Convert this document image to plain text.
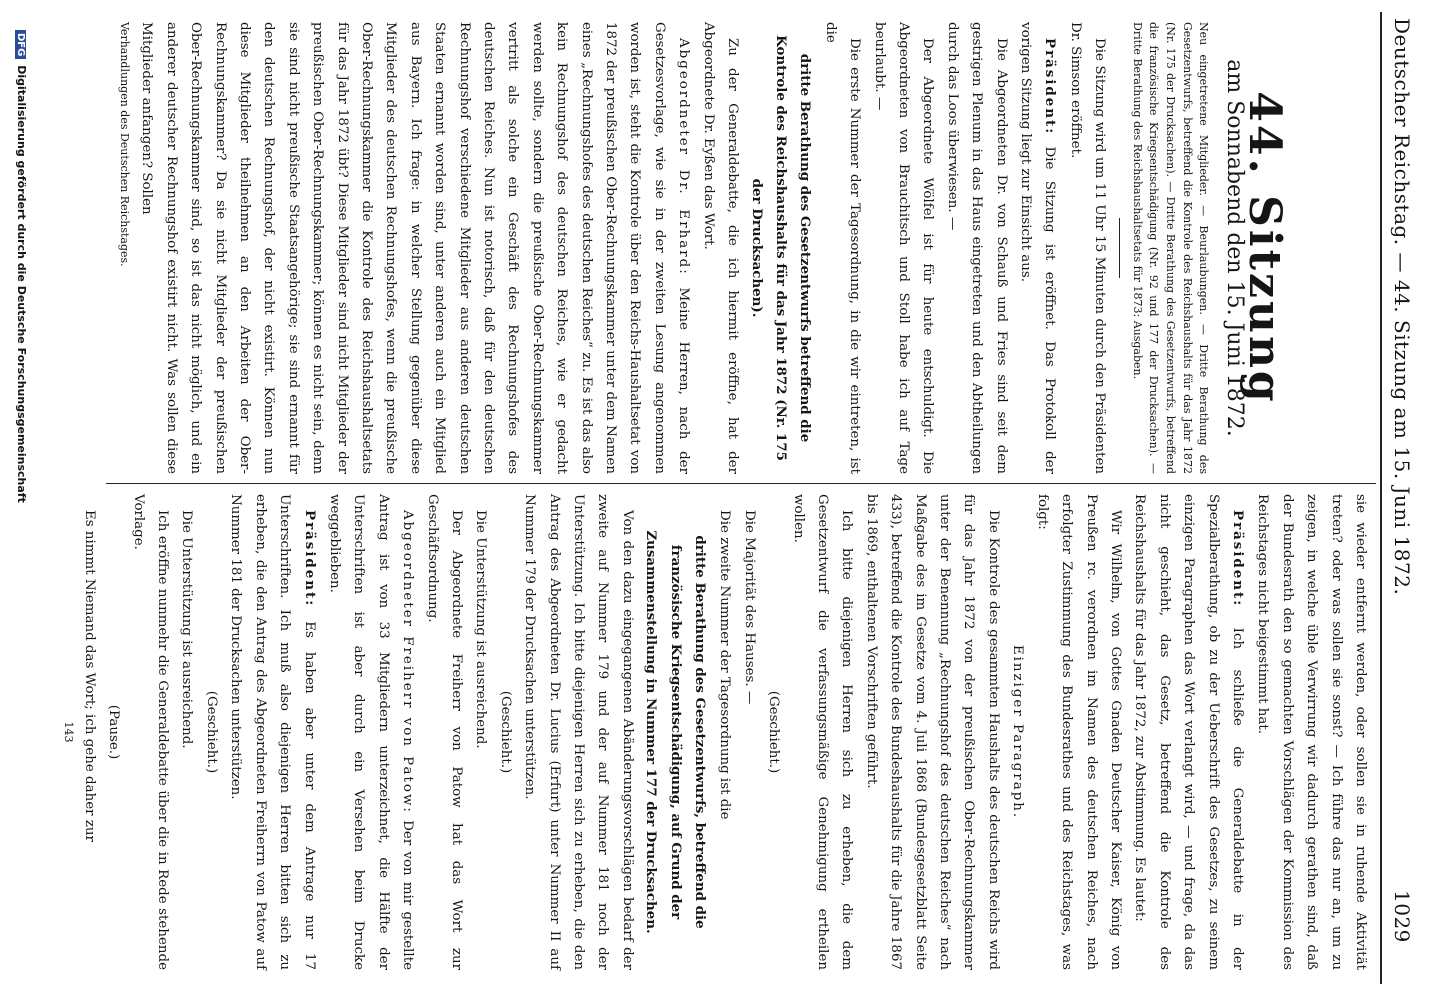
Deutscher Reichstag. — 44. Sitzung am 15. Juni 1872.
1029
44. Sitzung
am Sonnabend den 15. Juni 1872.

Neu eingetretene Mitglieder. — Beurlaubungen. — Dritte Berathung des Gesetzentwurfs, betreffend die Kontrole des Reichshaushalts für das Jahr 1872 (Nr. 175 der Drucksachen). — Dritte Berathung des Gesetzentwurfs, betreffend die französische Kriegsentschädigung (Nr. 92 und 177 der Drucksachen). — Dritte Berathung des Reichshaushaltsetats für 1873: Ausgaben.

Die Sitzung wird um 11 Uhr 15 Minuten durch den Präsidenten Dr. Simson eröffnet.

Präsident: Die Sitzung ist eröffnet. Das Protokoll der vorigen Sitzung liegt zur Einsicht aus.

Die Abgeordneten Dr. von Schauß und Fries sind seit dem gestrigen Plenum in das Haus eingetreten und den Abtheilungen durch das Loos überwiesen. —

Der Abgeordnete Wölfel ist für heute entschuldigt. Die Abgeordneten von Brauchitsch und Stoll habe ich auf Tage beurlaubt. —

Die erste Nummer der Tagesordnung, in die wir eintreten, ist die

dritte Berathung des Gesetzentwurfs betreffend die Kontrole des Reichshaushalts für das Jahr 1872 (Nr. 175 der Drucksachen).

Zu der Generaldebatte, die ich hiermit eröffne, hat der Abgeordnete Dr. Eyßen das Wort.

Abgeordneter Dr. Erhard: Meine Herren, nach der Gesetzesvorlage, wie sie in der zweiten Lesung angenommen worden ist, steht die Kontrole über den Reichs-Haushaltsetat von 1872 der preußischen Ober-Rechnungskammer unter dem Namen eines „Rechnungshofes des deutschen Reiches“ zu. Es ist das also kein Rechnungshof des deutschen Reiches, wie er gedacht werden sollte, sondern die preußische Ober-Rechnungskammer vertritt als solche ein Geschäft des Rechnungshofes des deutschen Reiches. Nun ist notorisch, daß für den deutschen Rechnungshof verschiedene Mitglieder aus anderen deutschen Staaten ernannt worden sind, unter anderen auch ein Mitglied aus Bayern. Ich frage: in welcher Stellung gegenüber diese Mitglieder des deutschen Rechnungshofes, wenn die preußische Ober-Rechnungskammer die Kontrole des Reichshaushaltsetats für das Jahr 1872 übt? Diese Mitglieder sind nicht Mitglieder der preußischen Ober-Rechnungskammer; können es nicht sein, denn sie sind nicht preußische Staatsangehörige; sie sind ernannt für den deutschen Rechnungshof, der nicht existirt. Können nun diese Mitglieder theilnehmen an den Arbeiten der Ober-Rechnungskammer? Da sie nicht Mitglieder der preußischen Ober-Rechnungskammer sind, so ist das nicht möglich, und ein anderer deutscher Rechnungshof existirt nicht. Was sollen diese Mitglieder anfangen? Sollen

Verhandlungen des Deutschen Reichstages.

sie wieder entfernt werden, oder sollen sie in ruhende Aktivität treten? oder was sollen sie sonst? — Ich führe das nur an, um zu zeigen, in welche üble Verwirrung wir dadurch gerathen sind, daß der Bundesrath den so gemachten Vorschlägen der Kommission des Reichstages nicht beigestimmt hat.

Präsident: Ich schließe die Generaldebatte in der Spezialberathung, ob zu der Ueberschrift des Gesetzes, zu seinem einzigen Paragraphen das Wort verlangt wird, — und frage, da das nicht geschieht, das Gesetz, betreffend die Kontrole des Reichshaushalts für das Jahr 1872, zur Abstimmung. Es lautet:

Wir Wilhelm, von Gottes Gnaden Deutscher Kaiser, König von Preußen rc. verordnen im Namen des deutschen Reiches, nach erfolgter Zustimmung des Bundesrathes und des Reichstages, was folgt:

Einziger Paragraph.

Die Kontrole des gesammten Haushalts des deutschen Reichs wird für das Jahr 1872 von der preußischen Ober-Rechnungskammer unter der Benennung „Rechnungshof des deutschen Reiches“ nach Maßgabe des im Gesetze vom 4. Juli 1868 (Bundesgesetzblatt Seite 433), betreffend die Kontrole des Bundeshaushalts für die Jahre 1867 bis 1869, enthaltenen Vorschriften geführt.

Ich bitte diejenigen Herren sich zu erheben, die dem Gesetzentwurf die verfassungsmäßige Genehmigung ertheilen wollen.

(Geschieht.)

Die Majorität des Hauses. —

Die zweite Nummer der Tagesordnung ist die

dritte Berathung des Gesetzentwurfs, betreffend die französische Kriegsentschädigung, auf Grund der Zusammenstellung in Nummer 177 der Drucksachen.

Von den dazu eingegangenen Abänderungsvorschlägen bedarf der zweite auf Nummer 179 und der auf Nummer 181 noch der Unterstützung. Ich bitte diejenigen Herren sich zu erheben, die den Antrag des Abgeordneten Dr. Lucius (Erfurt) unter Nummer II auf Nummer 179 der Drucksachen unterstützen.

(Geschieht.)

Die Unterstützung ist ausreichend.

Der Abgeordnete Freiherr von Patow hat das Wort zur Geschäftsordnung.

Abgeordneter Freiherr von Patow: Der von mir gestellte Antrag ist von 33 Mitgliedern unterzeichnet, die Hälfte der Unterschriften ist aber durch ein Versehen beim Drucke weggeblieben.

Präsident: Es haben aber unter dem Antrage nur 17 Unterschriften. Ich muß also diejenigen Herren bitten sich zu erheben, die den Antrag des Abgeordneten Freiherrn von Patow auf Nummer 181 der Drucksachen unterstützen.

(Geschieht.)

Die Unterstützung ist ausreichend.

Ich eröffne nunmehr die Generaldebatte über die in Rede stehende Vorlage.

(Pause.)

Es nimmt Niemand das Wort; ich gehe daher zur

143

DFG Digitalisierung gefördert durch die Deutsche Forschungsgemeinschaft
